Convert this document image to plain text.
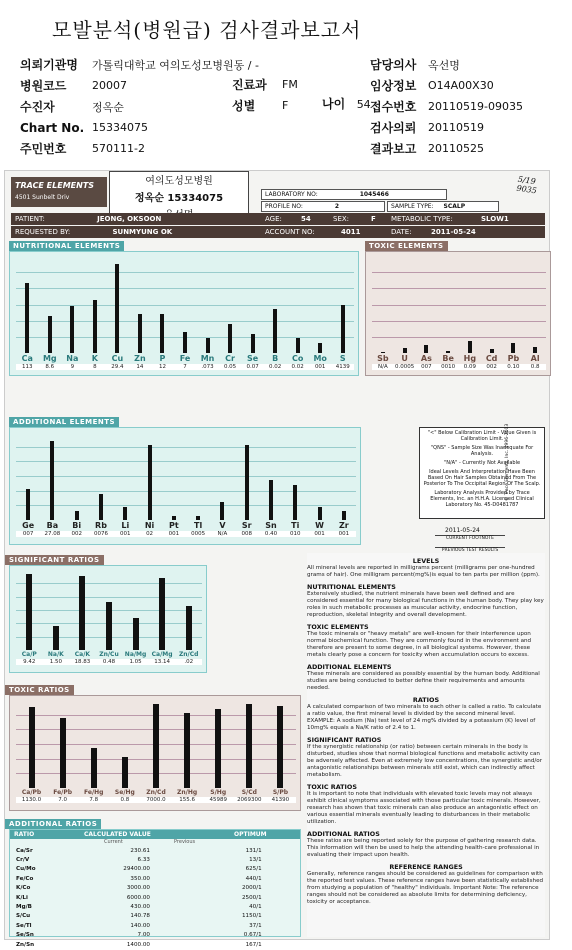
모발분석(병원급) 검사결과보고서
의뢰기관명	가톨릭대학교 여의도성모병원동 / -
병원코드	20007
수진자	정옥순
Chart No. 15334075
주민번호	570111-2
진료과	FM
성별	F	나이 54
담당의사	옥선명
임상정보	O14A00X30
접수번호	20110519-09035
검사의뢰	20110519
결과보고	20110525
5/19 9035
TRACE ELEMENTS
4501 Sunbelt Driv
여의도성모병원
정옥순 15334075	LABORATORY NO:	1045466
PROFILE NO:	2	SAMPLE TYPE: SCALP
PATIENT:	JEONG, OKSOON	AGE:	54	SEX:	F METABOLIC TYPE:	SLOW1
REQUESTED BY:	SUNMYUNG OK	ACCOUNT NO:	4011	DATE:	2011-05-24
NUTRITIONAL ELEMENTS
Ca
113
Mg
8.6
Na
9
K
8
Cu
29.4
Zn
14
P
12
Fe
7
Mn
.073
Cr
0.05
Se
0.07
B
0.02
Co
0.02
Mo
001
S
4139
TOXIC ELEMENTS
Sb
N/A
U
0.0005
As
007
Be
0010
Hg
0.09
Cd
002
Pb
0.10
Al
0.8
ADDITIONAL ELEMENTS
Ge
007
Ba
27.08
Bi
002
Rb
0076
Li
001
Ni
02
Pt
001
Tl
0005
V
N/A
Sr
008
Sn
0.40
Ti
010
W
001
Zr
001
"<" Below Calibration Limit - Value Given is Calibration Limit.
"QNS" - Sample Size Was Inadequate For Analysis.
"N/A" - Currently Not Available
Ideal Levels And Interpretation Have Been Based On Hair Samples Obtained From The Posterior To The Occipital Region Of The Scalp.
Laboratory Analysis Provided by Trace Elements, Inc. an H.H.A. Licensed Clinical Laboratory No. 45-D0481787
2011-05-24
CURRENT FOOTNOTE
PREVIOUS TEST RESULTS
© Trace Elements, Inc. 1996-2003
SIGNIFICANT RATIOS
Ca/P
9.42
Na/K
1.50
Ca/K
18.83
Zn/Cu
0.48
Na/Mg
1.05
Ca/Mg
13.14
Zn/Cd
.02
TOXIC RATIOS
Ca/Pb
1130.0
Fe/Pb
7.0
Fe/Hg
7.8
Se/Hg
0.8
Zn/Cd
7000.0
Zn/Hg
155.6
S/Hg
45989
S/Cd
2069300
S/Pb
41390
ADDITIONAL RATIOS
RATIO	CALCULATED VALUE	OPTIMUM
Current	Previous
Ca/Sr	230.61		131/1
Cr/V	6.33		13/1
Cu/Mo	29400.00		625/1
Fe/Co	350.00		440/1
K/Co	3000.00		2000/1
K/Li	6000.00		2500/1
Mg/B	430.00		40/1
S/Cu	140.78		1150/1
Se/Tl	140.00		37/1
Se/Sn	7.00		0.67/1
Zn/Sn	1400.00		167/1
LEVELS
All mineral levels are reported in milligrams percent (milligrams per one-hundred grams of hair). One milligram percent(mg%)is equal to ten parts per million (ppm).
NUTRITIONAL ELEMENTS
Extensively studied, the nutrient minerals have been well defined and are considered essential for many biological functions in the human body. They play key roles in such metabolic processes as muscular activity, endocrine function, reproduction, skeletal integrity and overall development.
TOXIC ELEMENTS
The toxic minerals or "heavy metals" are well-known for their interference upon normal biochemical function. They are commonly found in the environment and therefore are present to some degree, in all biological systems. However, these metals clearly pose a concern for toxicity when accumulation occurs to excess.
ADDITIONAL ELEMENTS
These minerals are considered as possibly essential by the human body. Additional studies are being conducted to better define their requirements and amounts needed.
RATIOS
A calculated comparison of two minerals to each other is called a ratio. To calculate a ratio value, the first mineral level is divided by the second mineral level. EXAMPLE: A sodium (Na) test level of 24 mg% divided by a potassium (K) level of 10mg% equals a Na/K ratio of 2.4 to 1.
SIGNIFICANT RATIOS
If the synergistic relationship (or ratio) between certain minerals in the body is disturbed, studies show that normal biological functions and metabolic activity can be adversely affected. Even at extremely low concentrations, the synergistic and/or antagonistic relationships between minerals still exist, which can indirectly affect metabolism.
TOXIC RATIOS
It is important to note that individuals with elevated toxic levels may not always exhibit clinical symptoms associated with those particular toxic minerals. However, research has shown that toxic minerals can also produce an antagonistic effect on various essential minerals eventually leading to disturbances in their metabolic utilization.
ADDITIONAL RATIOS
These ratios are being reported solely for the purpose of gathering research data. This information will then be used to help the attending health-care professional in evaluating their impact upon health.
REFERENCE RANGES
Generally, reference ranges should be considered as guidelines for comparison with the reported test values. These reference ranges have been statistically established from studying a population of "healthy" individuals. Important Note: The reference ranges should not be considered as absolute limits for determining deficiency, toxicity or acceptance.
